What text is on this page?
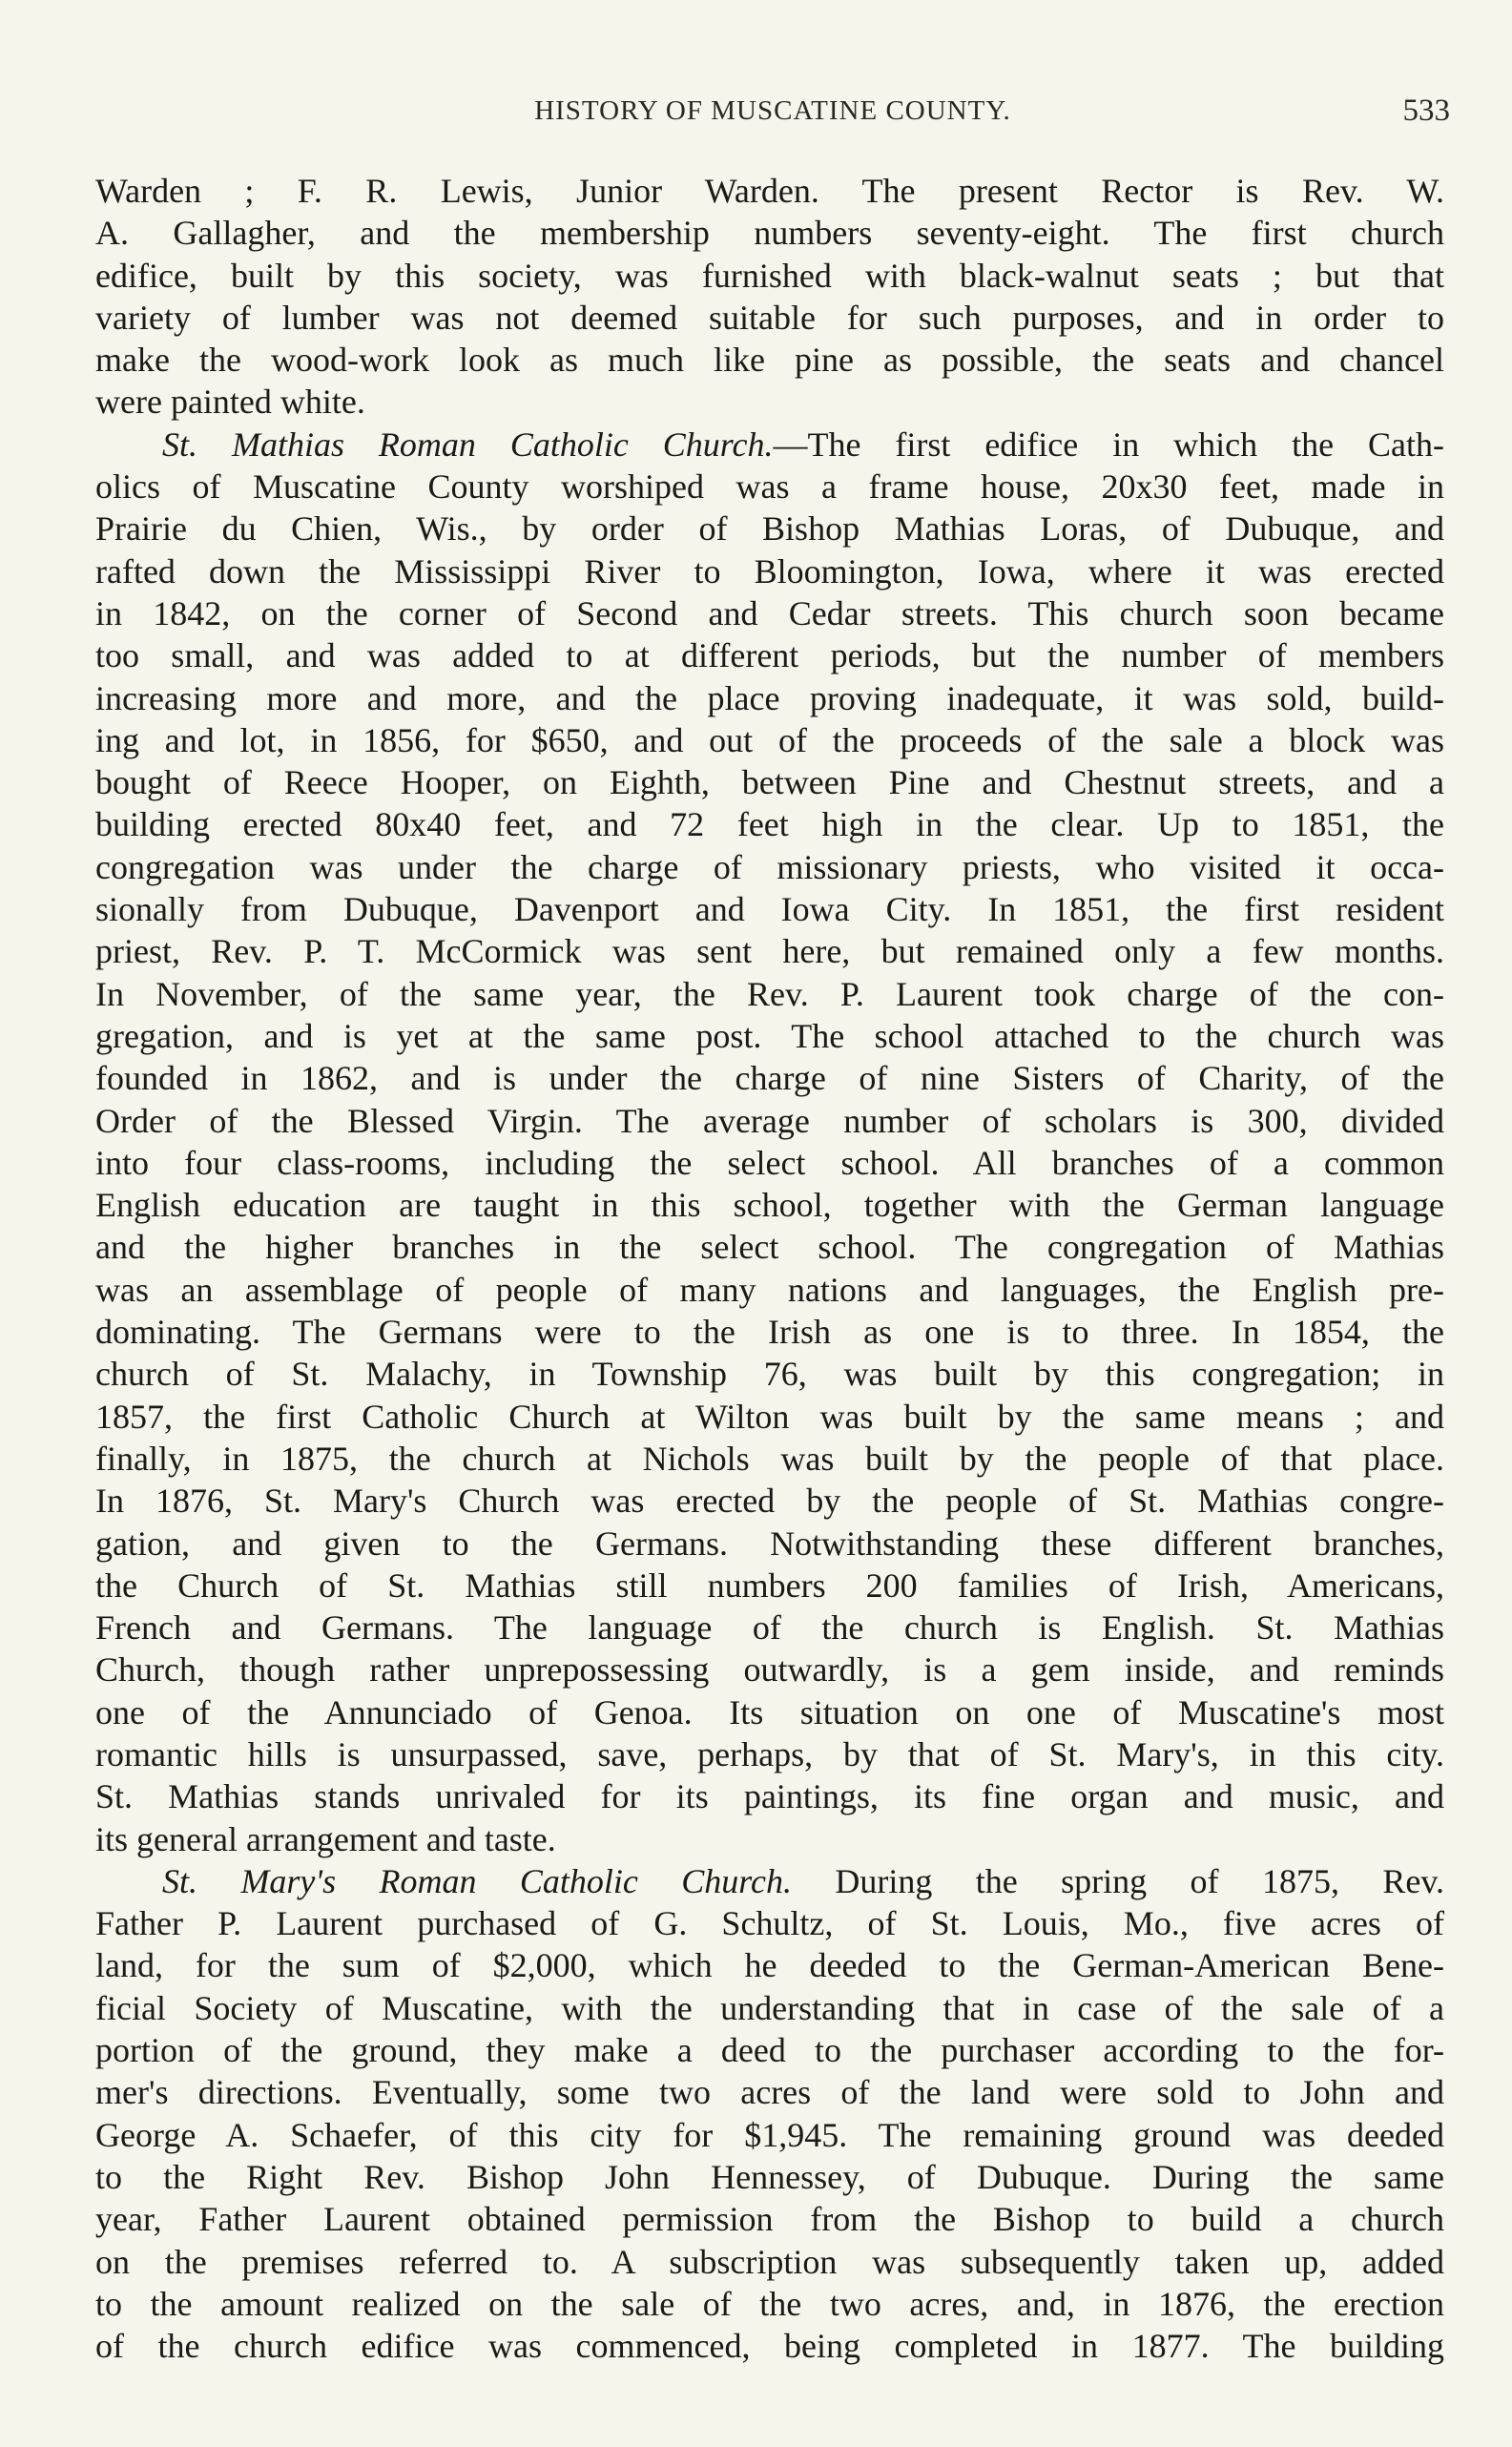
HISTORY OF MUSCATINE COUNTY.	533
Warden ; F. R. Lewis, Junior Warden. The present Rector is Rev. W.
A. Gallagher, and the membership numbers seventy-eight. The first church
edifice, built by this society, was furnished with black-walnut seats ; but that
variety of lumber was not deemed suitable for such purposes, and in order to
make the wood-work look as much like pine as possible, the seats and chancel
were painted white.
St. Mathias Roman Catholic Church.—The first edifice in which the Cath-
olics of Muscatine County worshiped was a frame house, 20x30 feet, made in
Prairie du Chien, Wis., by order of Bishop Mathias Loras, of Dubuque, and
rafted down the Mississippi River to Bloomington, Iowa, where it was erected
in 1842, on the corner of Second and Cedar streets. This church soon became
too small, and was added to at different periods, but the number of members
increasing more and more, and the place proving inadequate, it was sold, build-
ing and lot, in 1856, for $650, and out of the proceeds of the sale a block was
bought of Reece Hooper, on Eighth, between Pine and Chestnut streets, and a
building erected 80x40 feet, and 72 feet high in the clear. Up to 1851, the
congregation was under the charge of missionary priests, who visited it occa-
sionally from Dubuque, Davenport and Iowa City. In 1851, the first resident
priest, Rev. P. T. McCormick was sent here, but remained only a few months.
In November, of the same year, the Rev. P. Laurent took charge of the con-
gregation, and is yet at the same post. The school attached to the church was
founded in 1862, and is under the charge of nine Sisters of Charity, of the
Order of the Blessed Virgin. The average number of scholars is 300, divided
into four class-rooms, including the select school. All branches of a common
English education are taught in this school, together with the German language
and the higher branches in the select school. The congregation of Mathias
was an assemblage of people of many nations and languages, the English pre-
dominating. The Germans were to the Irish as one is to three. In 1854, the
church of St. Malachy, in Township 76, was built by this congregation; in
1857, the first Catholic Church at Wilton was built by the same means ; and
finally, in 1875, the church at Nichols was built by the people of that place.
In 1876, St. Mary's Church was erected by the people of St. Mathias congre-
gation, and given to the Germans. Notwithstanding these different branches,
the Church of St. Mathias still numbers 200 families of Irish, Americans,
French and Germans. The language of the church is English. St. Mathias
Church, though rather unprepossessing outwardly, is a gem inside, and reminds
one of the Annunciado of Genoa. Its situation on one of Muscatine's most
romantic hills is unsurpassed, save, perhaps, by that of St. Mary's, in this city.
St. Mathias stands unrivaled for its paintings, its fine organ and music, and
its general arrangement and taste.
St. Mary's Roman Catholic Church. During the spring of 1875, Rev.
Father P. Laurent purchased of G. Schultz, of St. Louis, Mo., five acres of
land, for the sum of $2,000, which he deeded to the German-American Bene-
ficial Society of Muscatine, with the understanding that in case of the sale of a
portion of the ground, they make a deed to the purchaser according to the for-
mer's directions. Eventually, some two acres of the land were sold to John and
George A. Schaefer, of this city for $1,945. The remaining ground was deeded
to the Right Rev. Bishop John Hennessey, of Dubuque. During the same
year, Father Laurent obtained permission from the Bishop to build a church
on the premises referred to. A subscription was subsequently taken up, added
to the amount realized on the sale of the two acres, and, in 1876, the erection
of the church edifice was commenced, being completed in 1877. The building
